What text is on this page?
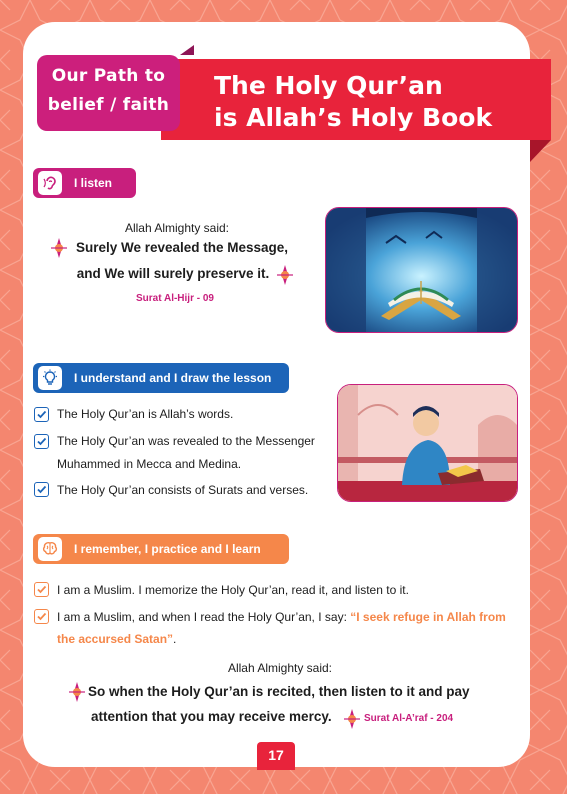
Our Path to
belief / faith
The Holy Qur’an
is Allah’s Holy Book
I listen
Allah Almighty said:
Surely We revealed the Message,
and We will surely preserve it.
Surat Al-Hijr - 09
I understand and I draw the lesson
The Holy Qur’an is Allah’s words.
The Holy Qur’an was revealed to the Messenger
Muhammed in Mecca and Medina.
The Holy Qur’an consists of Surats and verses.
I remember, I practice and I learn
I am a Muslim. I memorize the Holy Qur’an, read it, and listen to it.
I am a Muslim, and when I read the Holy Qur’an, I say: “I seek refuge in Allah from
the accursed Satan”.
Allah Almighty said:
So when the Holy Qur’an is recited, then listen to it and pay
attention that you may receive mercy.	Surat Al-A’raf - 204
17
